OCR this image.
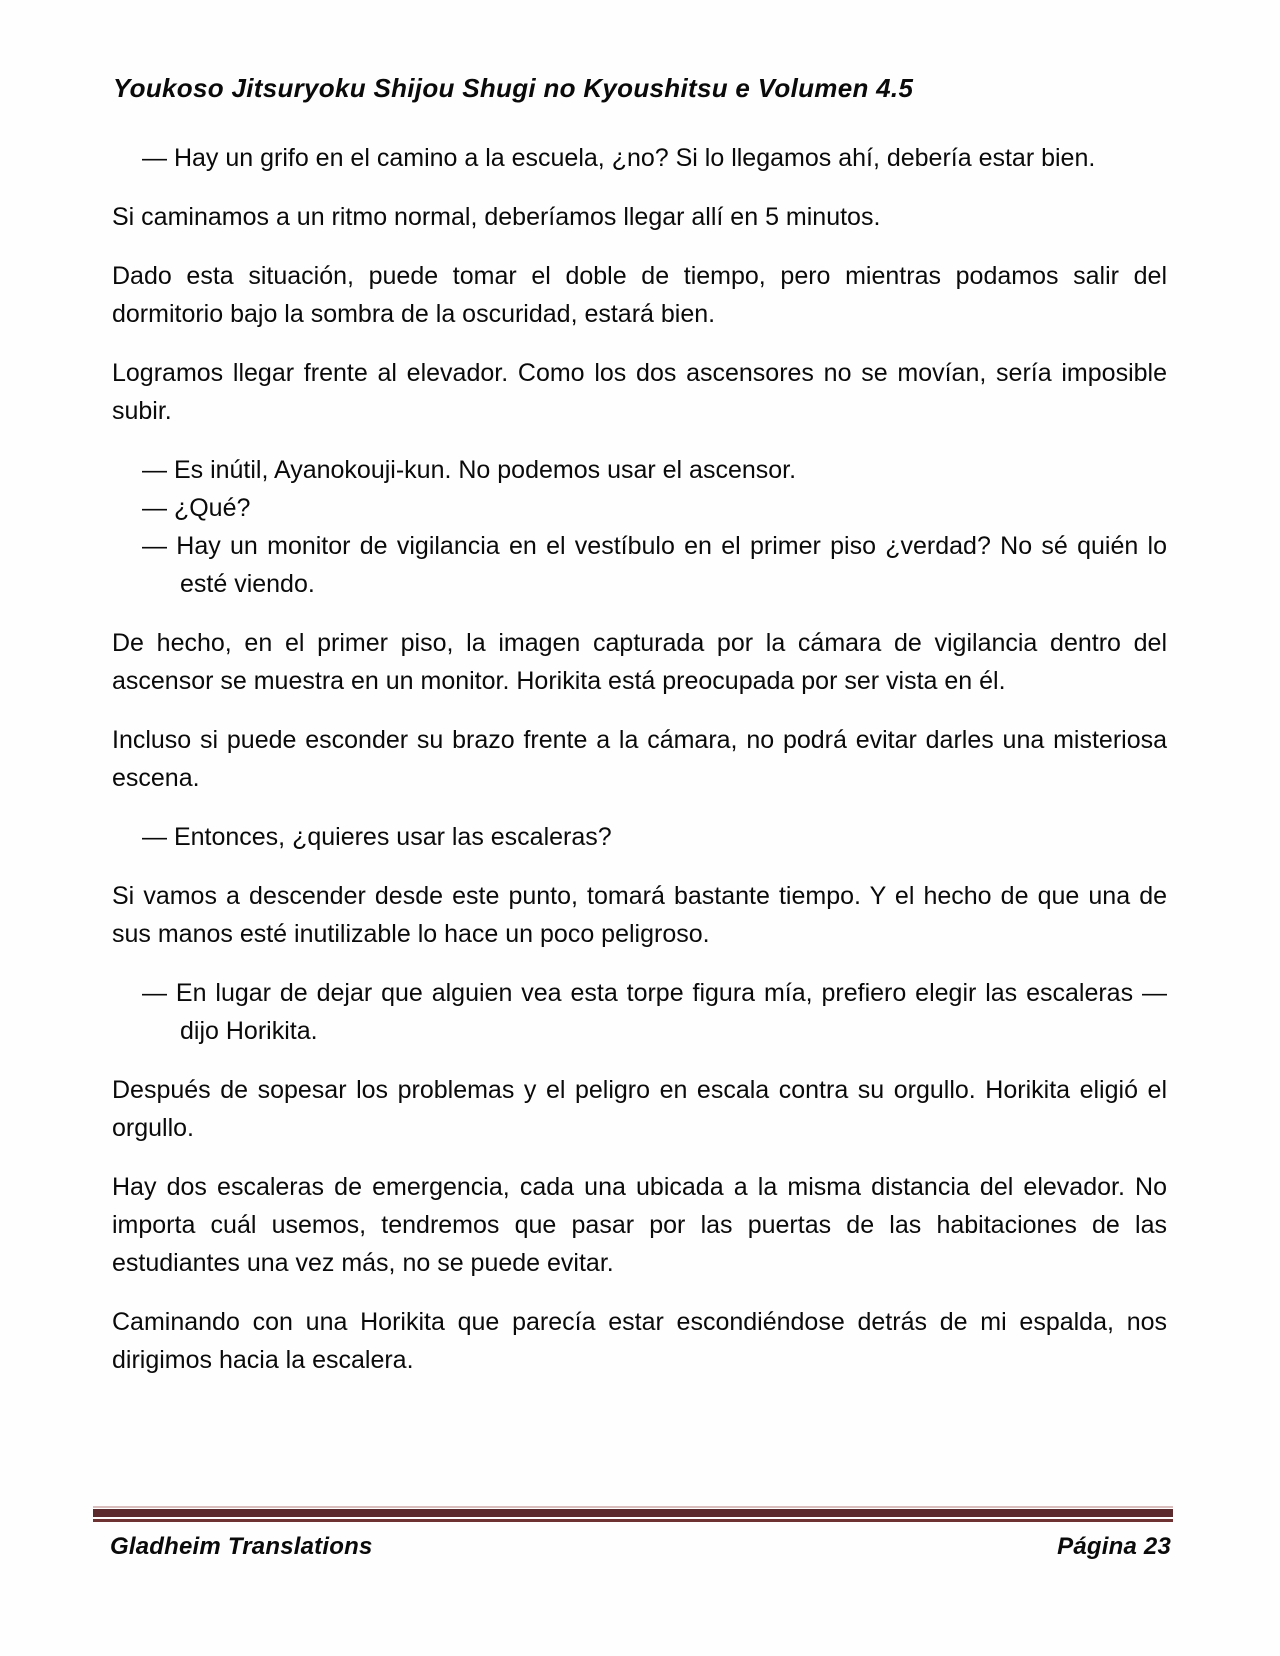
Youkoso Jitsuryoku Shijou Shugi no Kyoushitsu e Volumen 4.5

— Hay un grifo en el camino a la escuela, ¿no? Si lo llegamos ahí, debería estar bien.

Si caminamos a un ritmo normal, deberíamos llegar allí en 5 minutos.

Dado esta situación, puede tomar el doble de tiempo, pero mientras podamos salir del dormitorio bajo la sombra de la oscuridad, estará bien.

Logramos llegar frente al elevador. Como los dos ascensores no se movían, sería imposible subir.

— Es inútil, Ayanokouji-kun. No podemos usar el ascensor.

— ¿Qué?

— Hay un monitor de vigilancia en el vestíbulo en el primer piso ¿verdad? No sé quién lo esté viendo.

De hecho, en el primer piso, la imagen capturada por la cámara de vigilancia dentro del ascensor se muestra en un monitor. Horikita está preocupada por ser vista en él.

Incluso si puede esconder su brazo frente a la cámara, no podrá evitar darles una misteriosa escena.

— Entonces, ¿quieres usar las escaleras?

Si vamos a descender desde este punto, tomará bastante tiempo. Y el hecho de que una de sus manos esté inutilizable lo hace un poco peligroso.

— En lugar de dejar que alguien vea esta torpe figura mía, prefiero elegir las escaleras —dijo Horikita.

Después de sopesar los problemas y el peligro en escala contra su orgullo. Horikita eligió el orgullo.

Hay dos escaleras de emergencia, cada una ubicada a la misma distancia del elevador. No importa cuál usemos, tendremos que pasar por las puertas de las habitaciones de las estudiantes una vez más, no se puede evitar.

Caminando con una Horikita que parecía estar escondiéndose detrás de mi espalda, nos dirigimos hacia la escalera.

Gladheim Translations	Página 23
